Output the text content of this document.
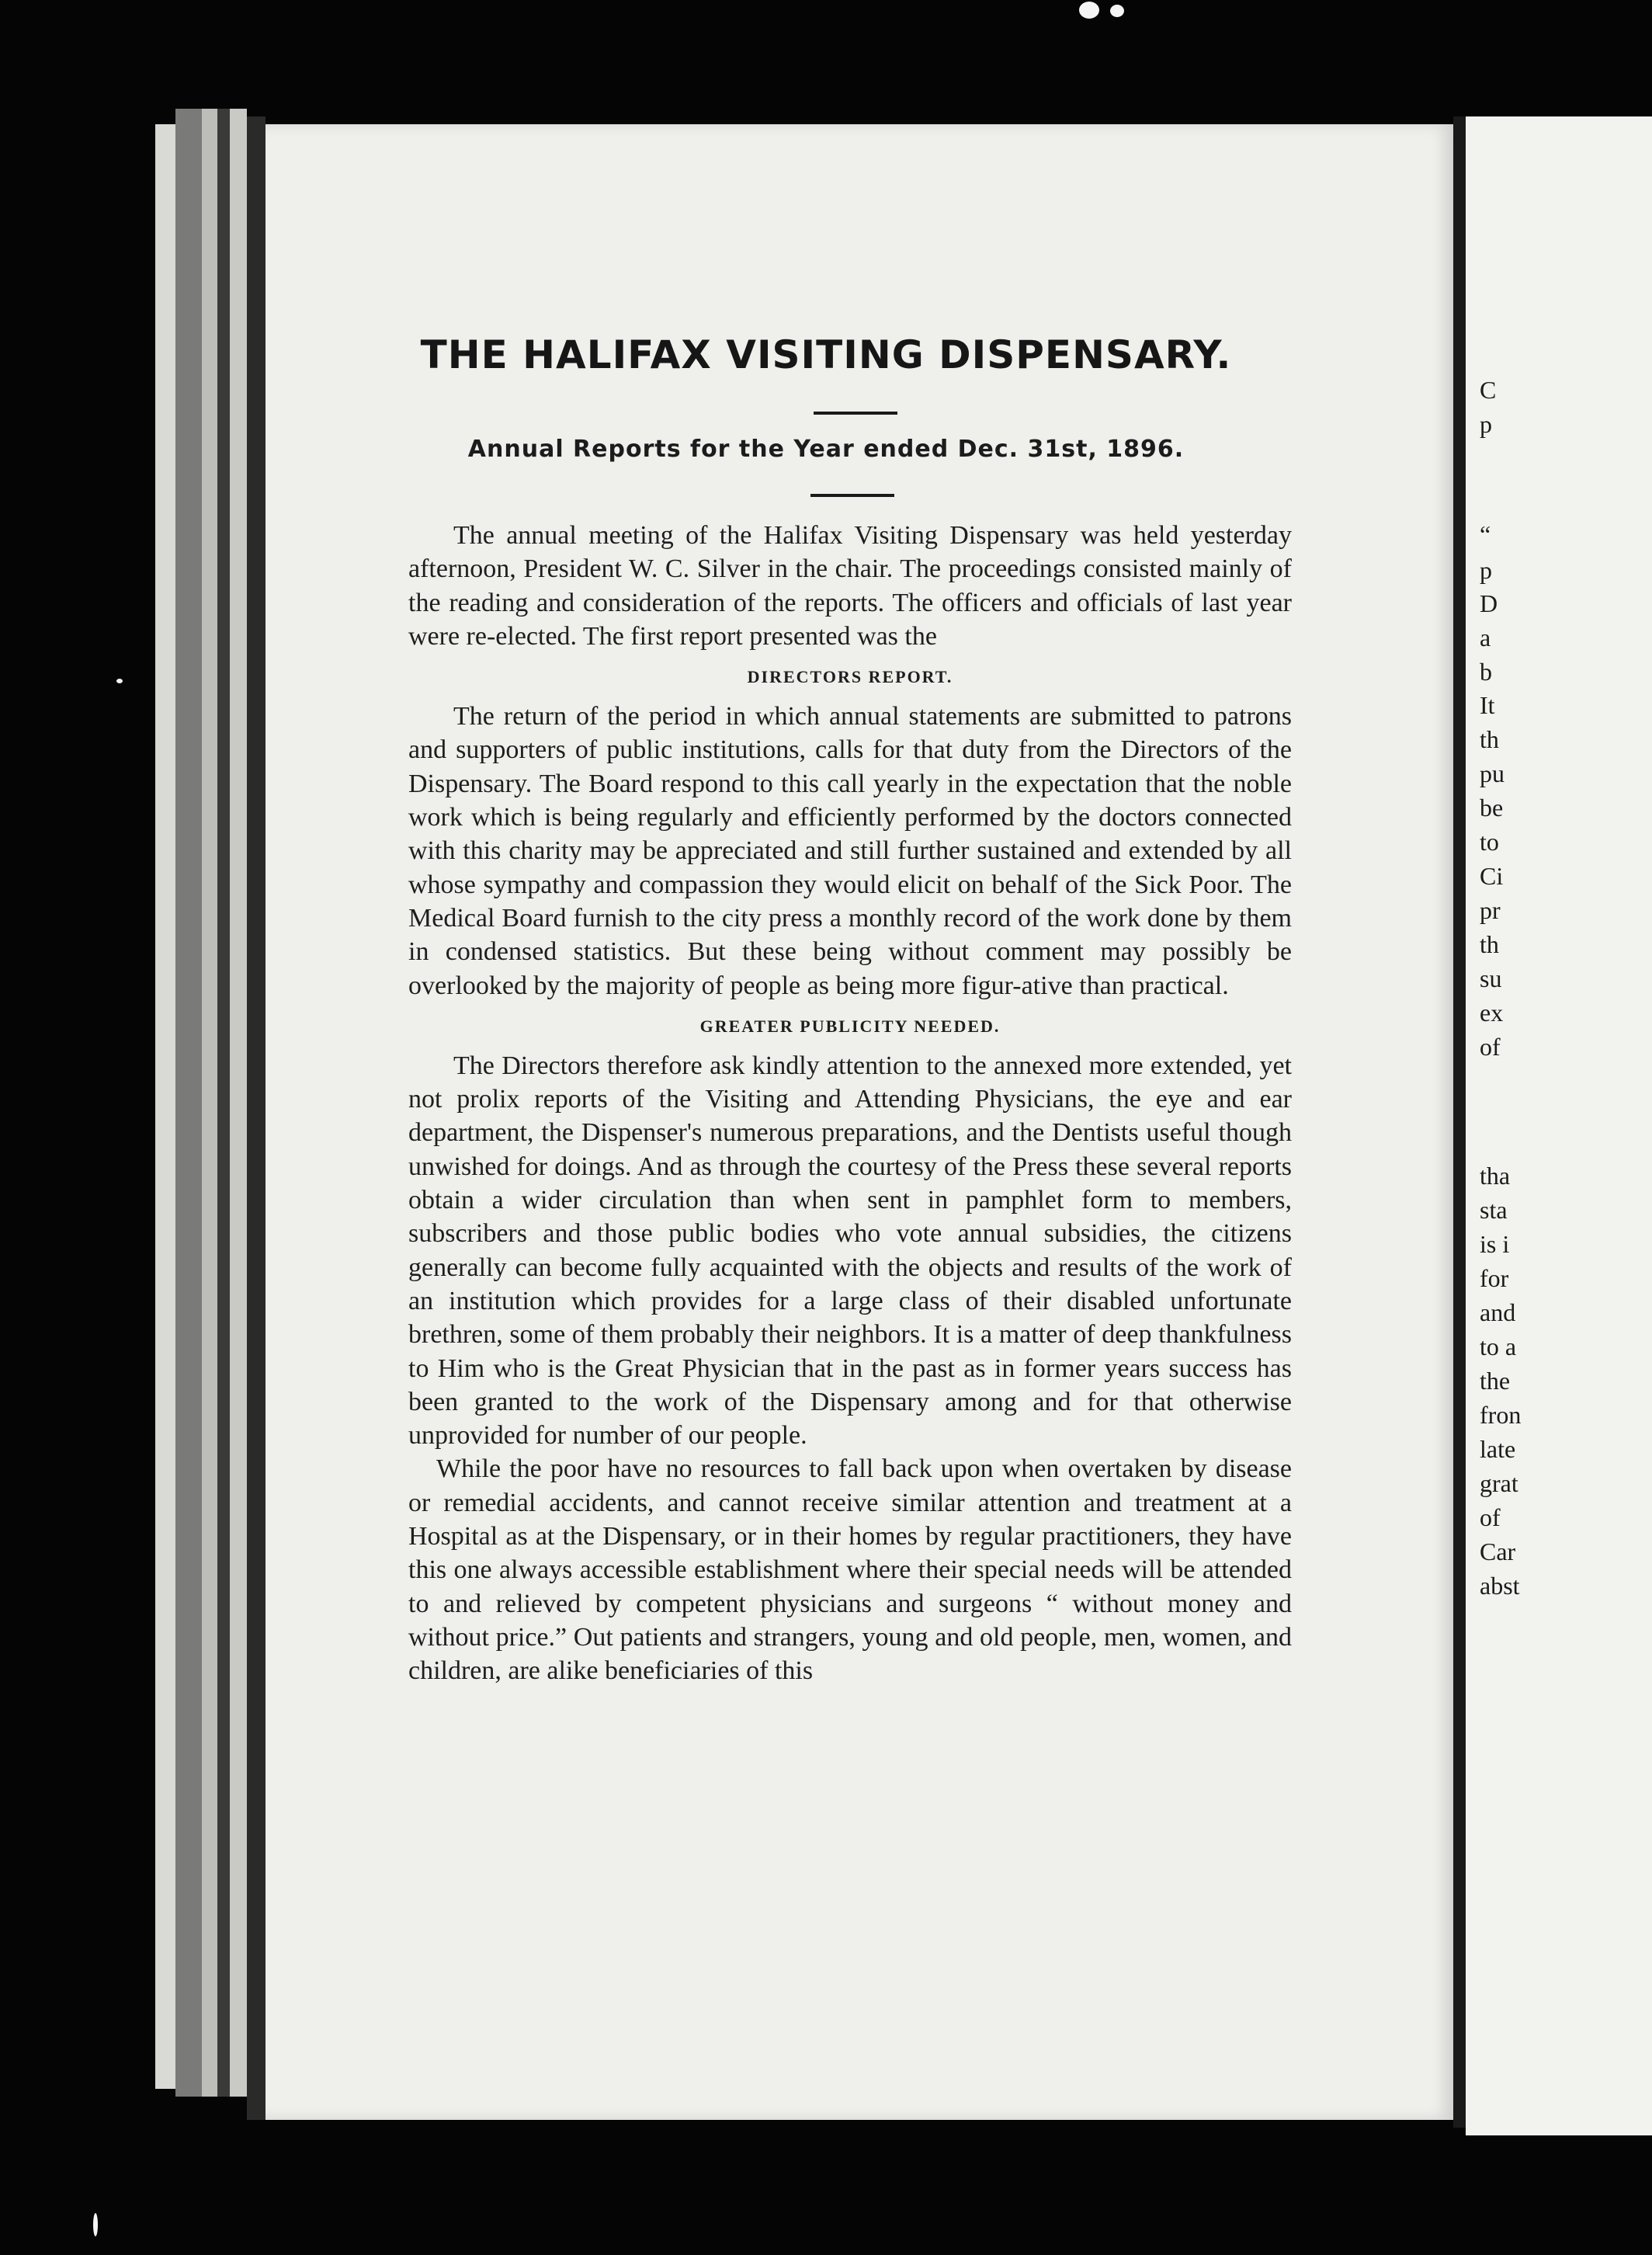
C
p
“
p
D
a
b
It
th
pu
be
to
Ci
pr
th
su
ex
of
tha
sta
is i
for
and
to a
the
fron
late
grat
of
Car
abst
THE HALIFAX VISITING DISPENSARY.
Annual Reports for the Year ended Dec. 31st, 1896.

The annual meeting of the Halifax Visiting Dispensary was held yesterday afternoon, President W. C. Silver in the chair. The proceedings consisted mainly of the reading and consideration of the reports. The officers and officials of last year were re-elected. The first report presented was the

DIRECTORS REPORT.

The return of the period in which annual statements are submitted to patrons and supporters of public institutions, calls for that duty from the Directors of the Dispensary. The Board respond to this call yearly in the expectation that the noble work which is being regularly and efficiently performed by the doctors connected with this charity may be appreciated and still further sustained and extended by all whose sympathy and compassion they would elicit on behalf of the Sick Poor. The Medical Board furnish to the city press a monthly record of the work done by them in condensed statistics. But these being without comment may possibly be overlooked by the majority of people as being more figur-ative than practical.

GREATER PUBLICITY NEEDED.

The Directors therefore ask kindly attention to the annexed more extended, yet not prolix reports of the Visiting and Attending Physicians, the eye and ear department, the Dispenser's numerous preparations, and the Dentists useful though unwished for doings. And as through the courtesy of the Press these several reports obtain a wider circulation than when sent in pamphlet form to members, subscribers and those public bodies who vote annual subsidies, the citizens generally can become fully acquainted with the objects and results of the work of an institution which provides for a large class of their disabled unfortunate brethren, some of them probably their neighbors. It is a matter of deep thankfulness to Him who is the Great Physician that in the past as in former years success has been granted to the work of the Dispensary among and for that otherwise unprovided for number of our people.

While the poor have no resources to fall back upon when overtaken by disease or remedial accidents, and cannot receive similar attention and treatment at a Hospital as at the Dispensary, or in their homes by regular practitioners, they have this one always accessible establishment where their special needs will be attended to and relieved by competent physicians and surgeons “ without money and without price.” Out patients and strangers, young and old people, men, women, and children, are alike beneficiaries of this
